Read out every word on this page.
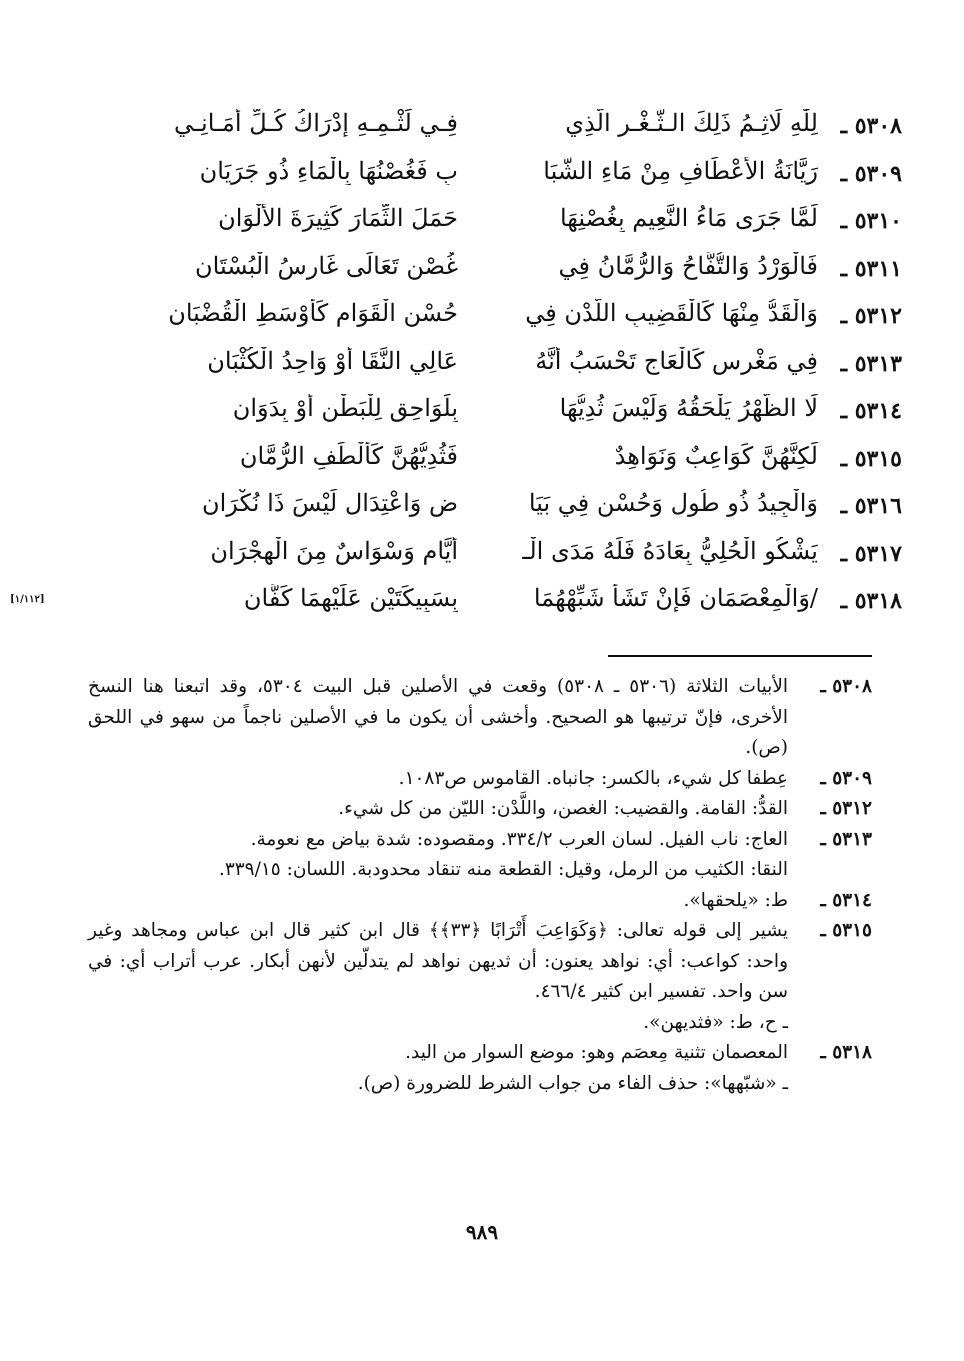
٥٣٠٨ ـ
لِلّٰهِ لَاثِـمُ ذَلِكَ الـثَّـغْـرِ الَّذِي
فِـي لَثْـمِـهِ إِدْرَاكُ كُـلِّ أَمَـانِـي
٥٣٠٩ ـ
رَيَّانَةُ الأَعْطَافِ مِنْ مَاءِ الشَّبَا
بِ فَغُصْنُهَا بِالْمَاءِ ذُو جَرَيَانِ
٥٣١٠ ـ
لَمَّا جَرَى مَاءُ النَّعِيمِ بِغُصْنِهَا
حَمَلَ الثِّمَارَ كَثِيرَةَ الأَلْوَانِ
٥٣١١ ـ
فَالْوَرْدُ وَالتُّفَّاحُ وَالرُّمَّانُ فِي
غُصْنٍ تَعَالَى غَارِسُ الْبُسْتَانِ
٥٣١٢ ـ
وَالْقَدُّ مِنْهَا كَالْقَضِيبِ اللَّدْنِ فِي
حُسْنِ الْقَوَامِ كَأَوْسَطِ الْقُضْبَانِ
٥٣١٣ ـ
فِي مَغْرِسٍ كَالْعَاجِ تَحْسَبُ أَنَّهُ
عَالِي النَّقَا أَوْ وَاحِدُ الْكُثْبَانِ
٥٣١٤ ـ
لَا الظَّهْرُ يَلْحَقُهُ وَلَيْسَ ثُدِيُّهَا
بِلَوَاحِقٍ لِلْبَطْنِ أَوْ بِدَوَانِ
٥٣١٥ ـ
لَكِنَّهُنَّ كَوَاعِبٌ وَنَوَاهِدٌ
فَثُدِيُّهُنَّ كَأَلْطَفِ الرُّمَّانِ
٥٣١٦ ـ
وَالْجِيدُ ذُو طُولٍ وَحُسْنٍ فِي بَيَا
ضٍ وَاعْتِدَالٍ لَيْسَ ذَا نُكْرَانِ
٥٣١٧ ـ
يَشْكُو الْحُلِيُّ بِعَادَهُ فَلَهُ مَدَى الْـ
أَيَّامِ وَسْوَاسٌ مِنَ الْهِجْرَانِ
٥٣١٨ ـ
/وَالْمِعْصَمَانِ فَإِنْ تَشَأْ شَبِّهْهُمَا
بِسَبِيكَتَيْنِ عَلَيْهِمَا كَفَّانِ
[١/١١٢]
٥٣٠٨ ـ
الأبيات الثلاثة (٥٣٠٦ ـ ٥٣٠٨) وقعت في الأصلين قبل البيت ٥٣٠٤، وقد اتبعنا هنا النسخ الأخرى، فإنّ ترتيبها هو الصحيح. وأخشى أن يكون ما في الأصلين ناجماً من سهو في اللحق (ص).
٥٣٠٩ ـ
عِطفا كل شيء، بالكسر: جانباه. القاموس ص١٠٨٣.
٥٣١٢ ـ
القدُّ: القامة. والقضيب: الغصن، واللَّدْن: الليّن من كل شيء.
٥٣١٣ ـ
العاج: ناب الفيل. لسان العرب ٣٣٤/٢. ومقصوده: شدة بياض مع نعومة.
النقا: الكثيب من الرمل، وقيل: القطعة منه تنقاد محدودبة. اللسان: ٣٣٩/١٥.
٥٣١٤ ـ
ط: «يلحقها».
٥٣١٥ ـ
يشير إلى قوله تعالى: ﴿وَكَوَاعِبَ أَتْرَابًا ﴿٣٣﴾﴾ قال ابن كثير قال ابن عباس ومجاهد وغير واحد: كواعب: أي: نواهد يعنون: أن ثديهن نواهد لم يتدلّين لأنهن أبكار. عرب أتراب أي: في سن واحد. تفسير ابن كثير ٤٦٦/٤.
ـ ح، ط: «فثديهن».
٥٣١٨ ـ
المعصمان تثنية مِعصَم وهو: موضع السوار من اليد.
ـ «شبّهها»: حذف الفاء من جواب الشرط للضرورة (ص).
٩٨٩
